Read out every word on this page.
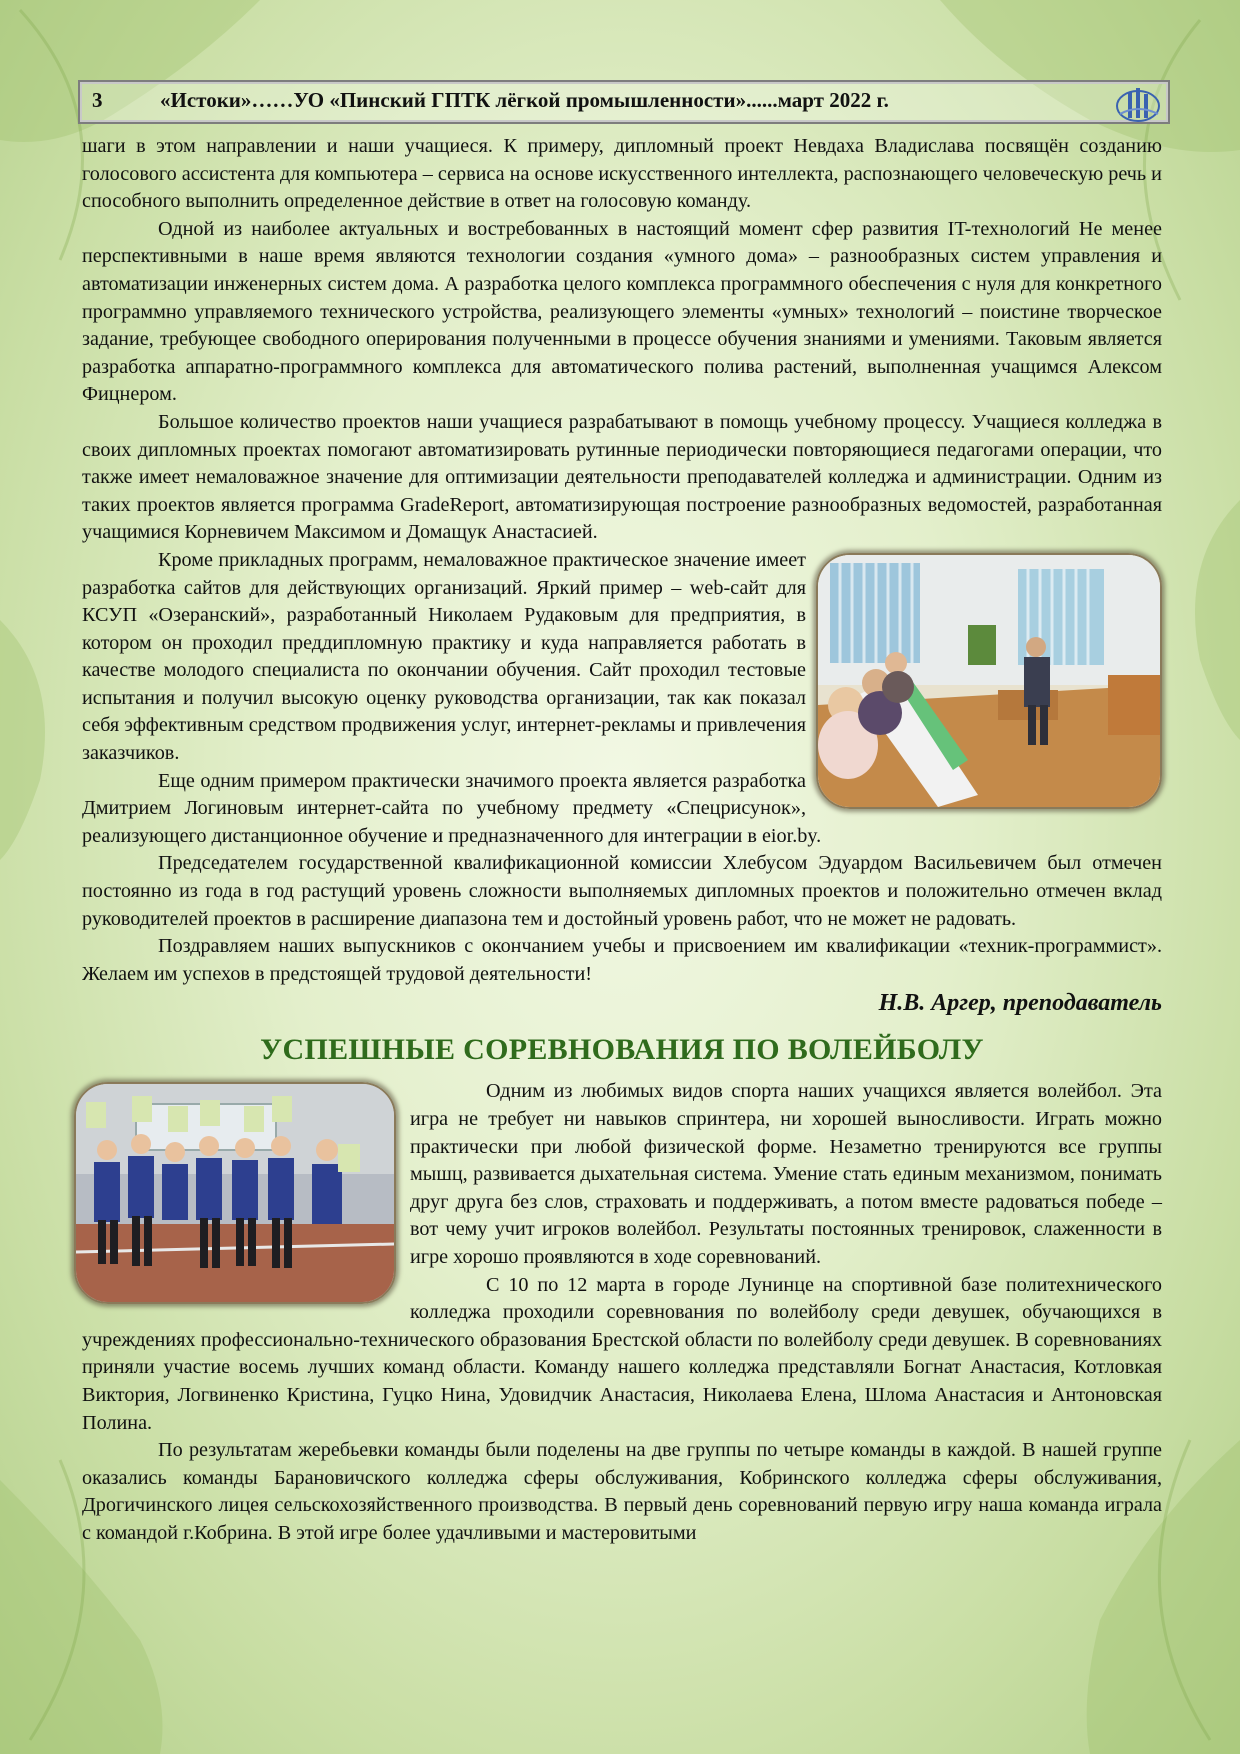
3	«Истоки»……УО «Пинский ГПТК лёгкой промышленности»......март 2022 г.

шаги в этом направлении и наши учащиеся. К примеру, дипломный проект Невдаха Владислава посвящён созданию голосового ассистента для компьютера – сервиса на основе искусственного интеллекта, распознающего человеческую речь и способного выполнить определенное действие в ответ на голосовую команду.

Одной из наиболее актуальных и востребованных в настоящий момент сфер развития IT-технологий Не менее перспективными в наше время являются технологии создания «умного дома» – разнообразных систем управления и автоматизации инженерных систем дома. А разработка целого комплекса программного обеспечения с нуля для конкретного программно управляемого технического устройства, реализующего элементы «умных» технологий – поистине творческое задание, требующее свободного оперирования полученными в процессе обучения знаниями и умениями. Таковым является разработка аппаратно-программного комплекса для автоматического полива растений, выполненная учащимся Алексом Фицнером.

Большое количество проектов наши учащиеся разрабатывают в помощь учебному процессу. Учащиеся колледжа в своих дипломных проектах помогают автоматизировать рутинные периодически повторяющиеся педагогами операции, что также имеет немаловажное значение для оптимизации деятельности преподавателей колледжа и администрации. Одним из таких проектов является программа GradeReport, автоматизирующая построение разнообразных ведомостей, разработанная учащимися Корневичем Максимом и Домащук Анастасией.

Кроме прикладных программ, немаловажное практическое значение имеет разработка сайтов для действующих организаций. Яркий пример – web-сайт для КСУП «Озеранский», разработанный Николаем Рудаковым для предприятия, в котором он проходил преддипломную практику и куда направляется работать в качестве молодого специалиста по окончании обучения. Сайт проходил тестовые испытания и получил высокую оценку руководства организации, так как показал себя эффективным средством продвижения услуг, интернет-рекламы и привлечения заказчиков.

Еще одним примером практически значимого проекта является разработка Дмитрием Логиновым интернет-сайта по учебному предмету «Спецрисунок», реализующего дистанционное обучение и предназначенного для интеграции в eior.by.

Председателем государственной квалификационной комиссии Хлебусом Эдуардом Васильевичем был отмечен постоянно из года в год растущий уровень сложности выполняемых дипломных проектов и положительно отмечен вклад руководителей проектов в расширение диапазона тем и достойный уровень работ, что не может не радовать.

Поздравляем наших выпускников с окончанием учебы и присвоением им квалификации «техник-программист». Желаем им успехов в предстоящей трудовой деятельности!

Н.В. Аргер, преподаватель

УСПЕШНЫЕ СОРЕВНОВАНИЯ ПО ВОЛЕЙБОЛУ

Одним из любимых видов спорта наших учащихся является волейбол. Эта игра не требует ни навыков спринтера, ни хорошей выносливости. Играть можно практически при любой физической форме. Незаметно тренируются все группы мышц, развивается дыхательная система. Умение стать единым механизмом, понимать друг друга без слов, страховать и поддерживать, а потом вместе радоваться победе – вот чему учит игроков волейбол. Результаты постоянных тренировок, слаженности в игре хорошо проявляются в ходе соревнований.

С 10 по 12 марта в городе Лунинце на спортивной базе политехнического колледжа проходили соревнования по волейболу среди девушек, обучающихся в учреждениях профессионально-технического образования Брестской области по волейболу среди девушек. В соревнованиях приняли участие восемь лучших команд области. Команду нашего колледжа представляли Богнат Анастасия, Котловкая Виктория, Логвиненко Кристина, Гуцко Нина, Удовидчик Анастасия, Николаева Елена, Шлома Анастасия и Антоновская Полина.

По результатам жеребьевки команды были поделены на две группы по четыре команды в каждой. В нашей группе оказались команды Барановичского колледжа сферы обслуживания, Кобринского колледжа сферы обслуживания, Дрогичинского лицея сельскохозяйственного производства. В первый день соревнований первую игру наша команда играла с командой г.Кобрина. В этой игре более удачливыми и мастеровитыми
